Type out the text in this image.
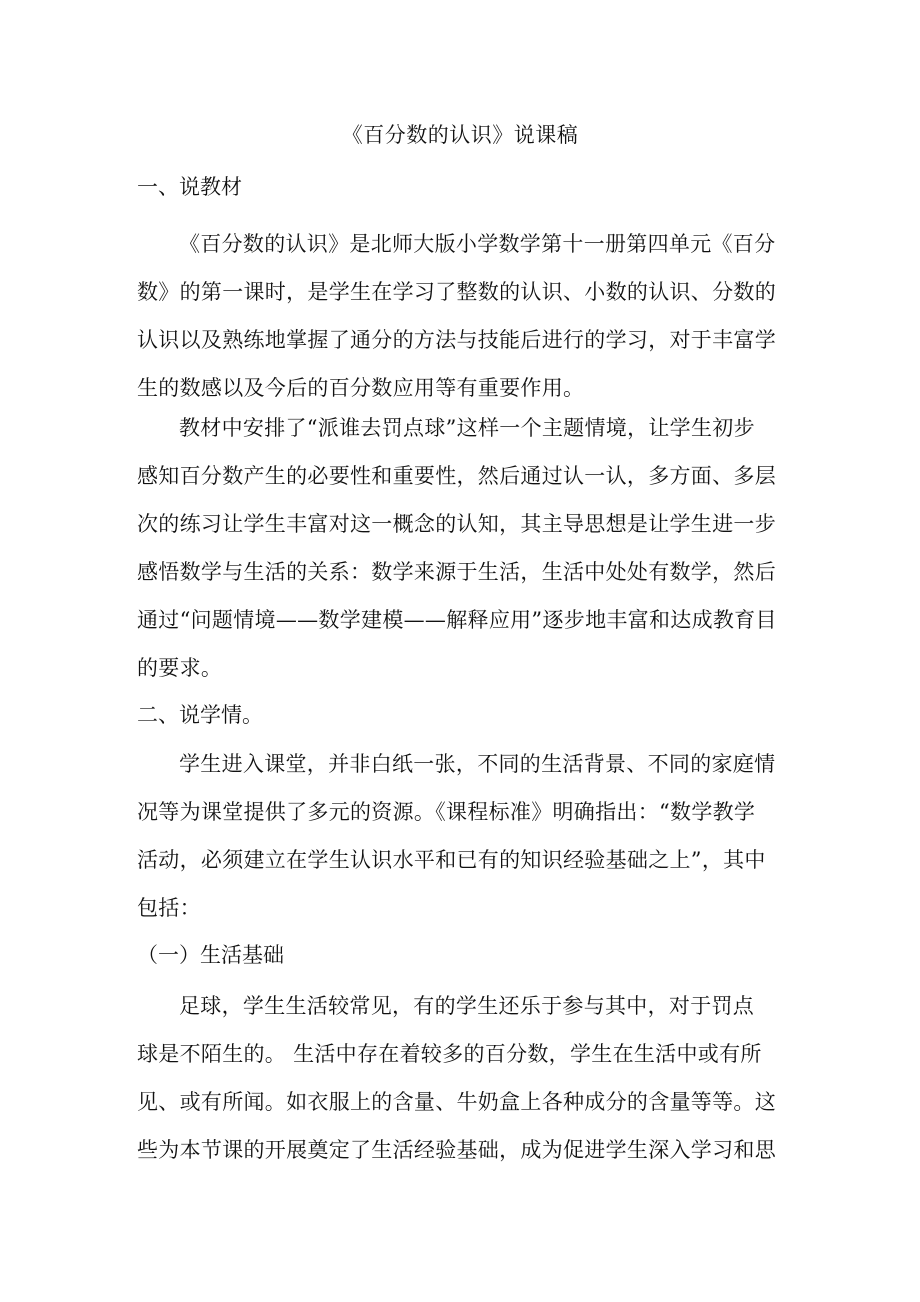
《百分数的认识》说课稿
一、说教材
《百分数的认识》是北师大版小学数学第十一册第四单元《百分
数》的第一课时，是学生在学习了整数的认识、小数的认识、分数的
认识以及熟练地掌握了通分的方法与技能后进行的学习，对于丰富学
生的数感以及今后的百分数应用等有重要作用。
教材中安排了“派谁去罚点球”这样一个主题情境，让学生初步
感知百分数产生的必要性和重要性，然后通过认一认，多方面、多层
次的练习让学生丰富对这一概念的认知，其主导思想是让学生进一步
感悟数学与生活的关系：数学来源于生活，生活中处处有数学，然后
通过“问题情境——数学建模——解释应用”逐步地丰富和达成教育目
的要求。
二、说学情。
学生进入课堂，并非白纸一张，不同的生活背景、不同的家庭情
况等为课堂提供了多元的资源。《课程标准》明确指出：“数学教学
活动，必须建立在学生认识水平和已有的知识经验基础之上”，其中
包括：
（一）生活基础
足球，学生生活较常见，有的学生还乐于参与其中，对于罚点
球是不陌生的。 生活中存在着较多的百分数，学生在生活中或有所
见、或有所闻。如衣服上的含量、牛奶盒上各种成分的含量等等。这
些为本节课的开展奠定了生活经验基础，成为促进学生深入学习和思
